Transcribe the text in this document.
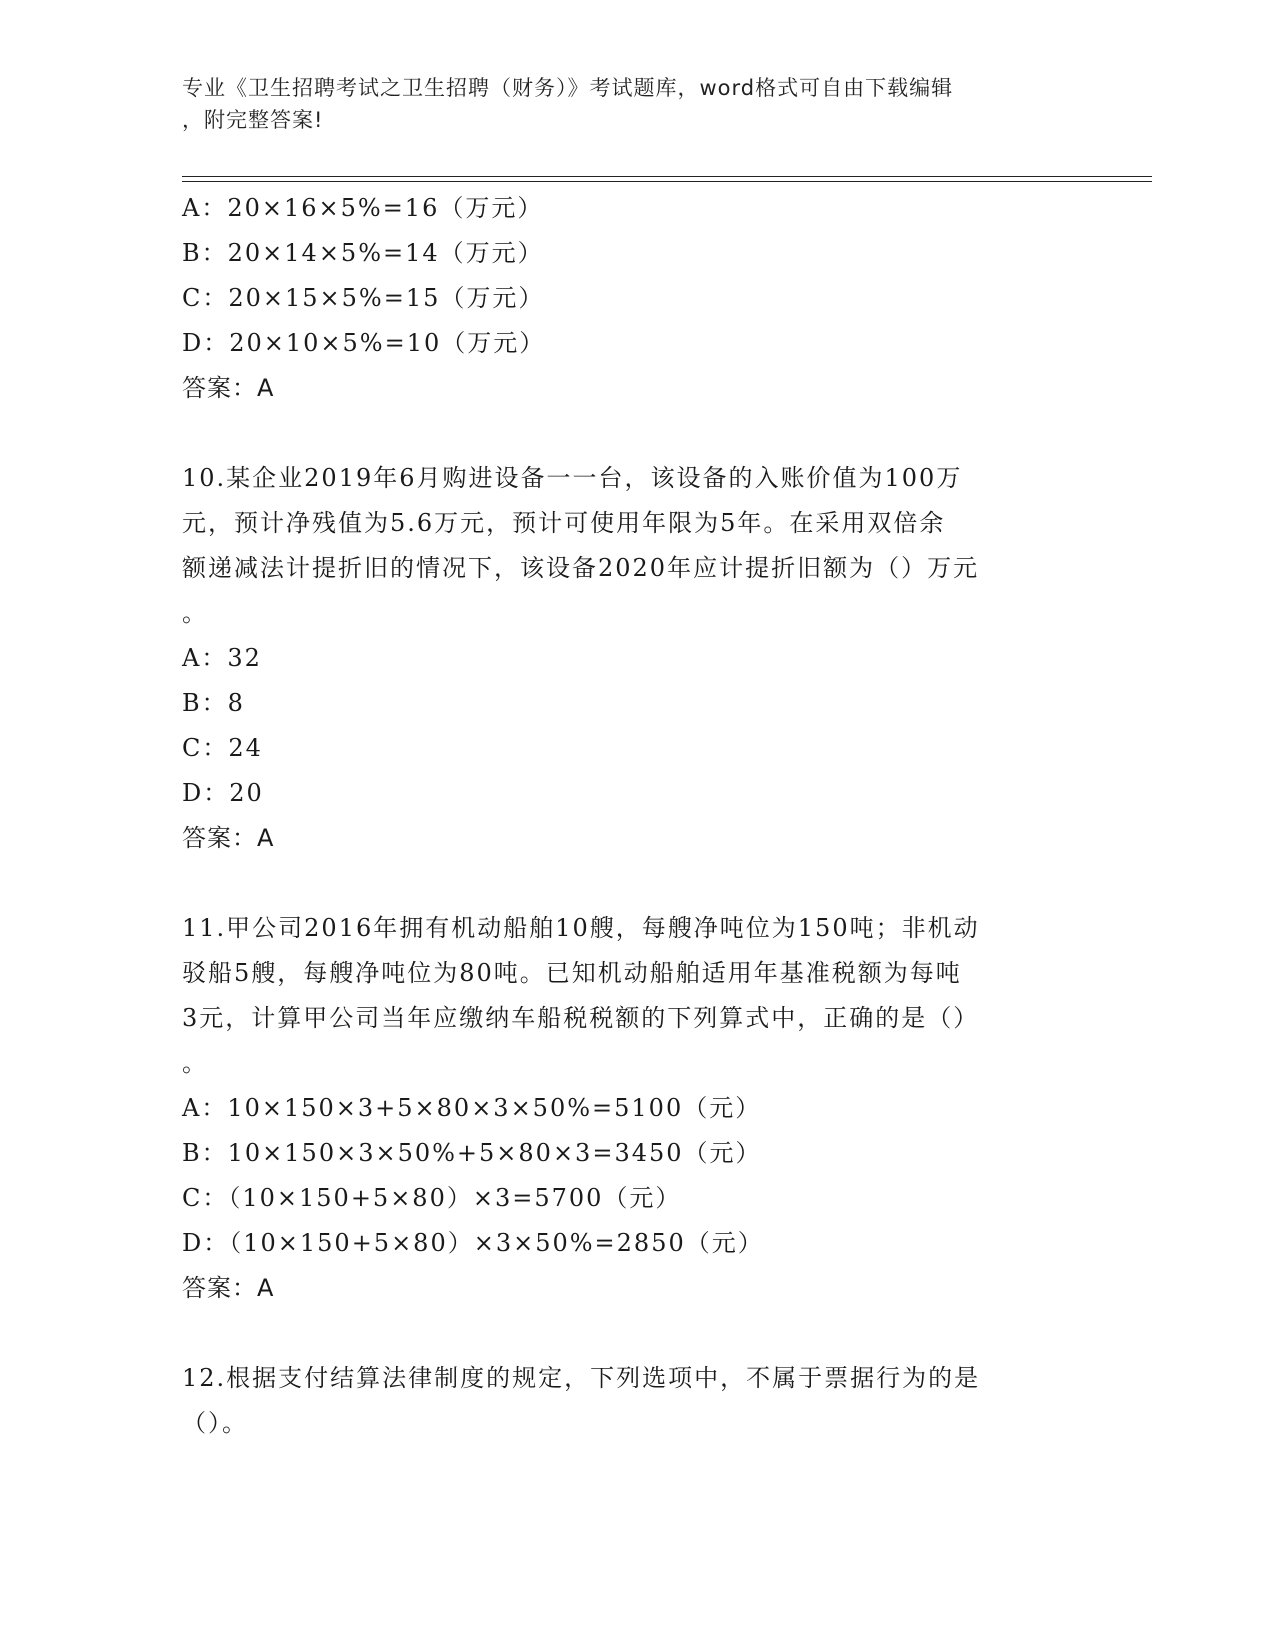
专业《卫生招聘考试之卫生招聘（财务）》考试题库，word格式可自由下载编辑
，附完整答案!
A：20×16×5%=16（万元）
B：20×14×5%=14（万元）
C：20×15×5%=15（万元）
D：20×10×5%=10（万元）
答案：A
10.某企业2019年6月购进设备一一台，该设备的入账价值为100万
元，预计净残值为5.6万元，预计可使用年限为5年。在采用双倍余
额递减法计提折旧的情况下，该设备2020年应计提折旧额为（）万元
。
A：32
B：8
C：24
D：20
答案：A
11.甲公司2016年拥有机动船舶10艘，每艘净吨位为150吨；非机动
驳船5艘，每艘净吨位为80吨。已知机动船舶适用年基准税额为每吨
3元，计算甲公司当年应缴纳车船税税额的下列算式中，正确的是（）
。
A：10×150×3+5×80×3×50%=5100（元）
B：10×150×3×50%+5×80×3=3450（元）
C：（10×150+5×80）×3=5700（元）
D：（10×150+5×80）×3×50%=2850（元）
答案：A
12.根据支付结算法律制度的规定，下列选项中，不属于票据行为的是
（）。
